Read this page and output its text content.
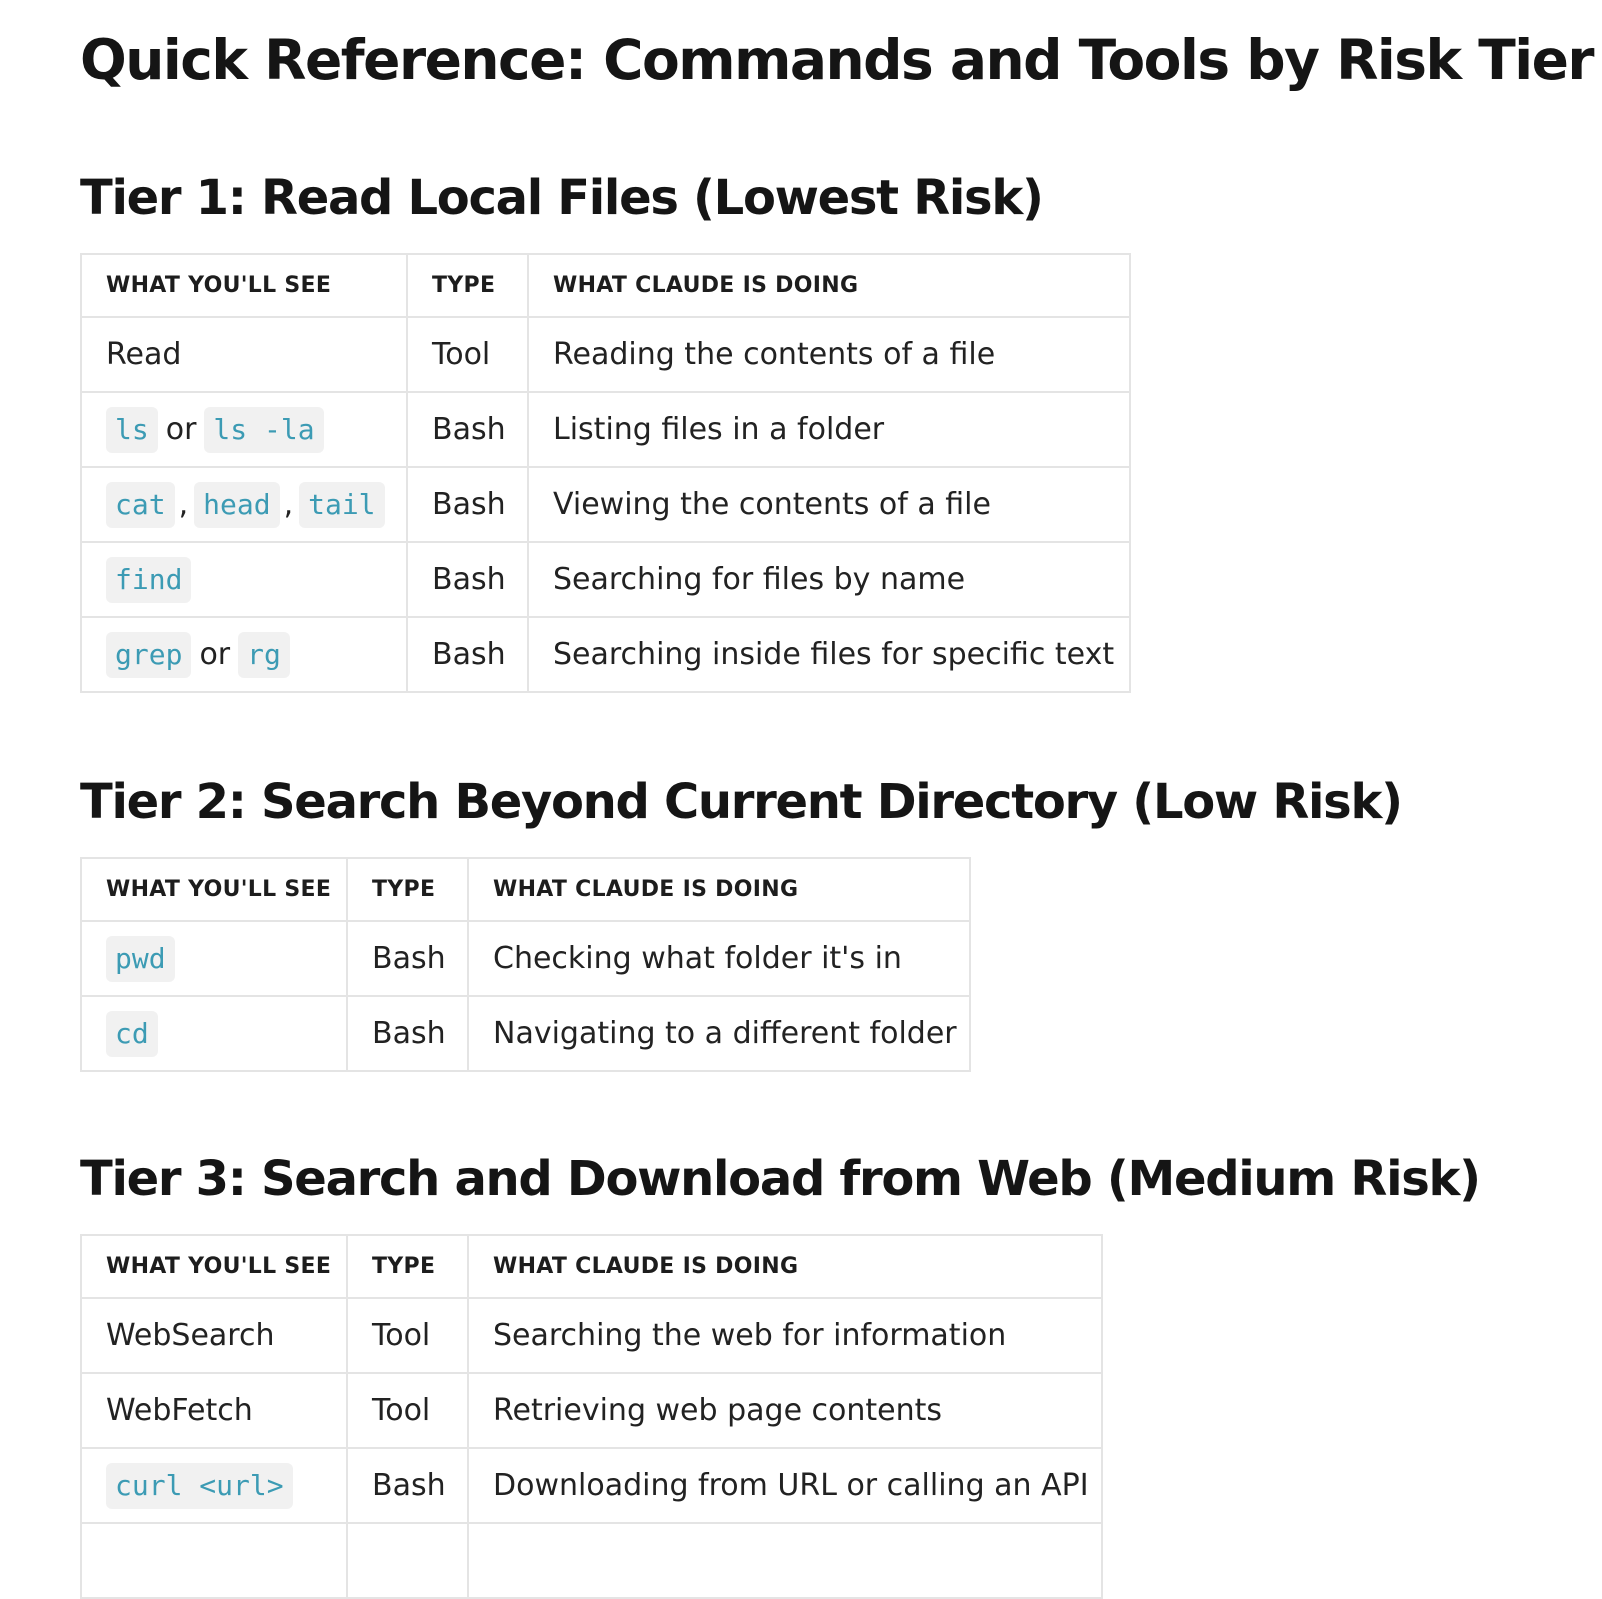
Quick Reference: Commands and Tools by Risk Tier
Tier 1: Read Local Files (Lowest Risk)
WHAT YOU'LL SEE	TYPE	WHAT CLAUDE IS DOING
Read	Tool	Reading the contents of a file
ls or ls -la	Bash	Listing files in a folder
cat , head , tail	Bash	Viewing the contents of a file
find	Bash	Searching for files by name
grep or rg	Bash	Searching inside files for specific text
Tier 2: Search Beyond Current Directory (Low Risk)
WHAT YOU'LL SEE	TYPE	WHAT CLAUDE IS DOING
pwd	Bash	Checking what folder it's in
cd	Bash	Navigating to a different folder
Tier 3: Search and Download from Web (Medium Risk)
WHAT YOU'LL SEE	TYPE	WHAT CLAUDE IS DOING
WebSearch	Tool	Searching the web for information
WebFetch	Tool	Retrieving web page contents
curl <url>	Bash	Downloading from URL or calling an API
